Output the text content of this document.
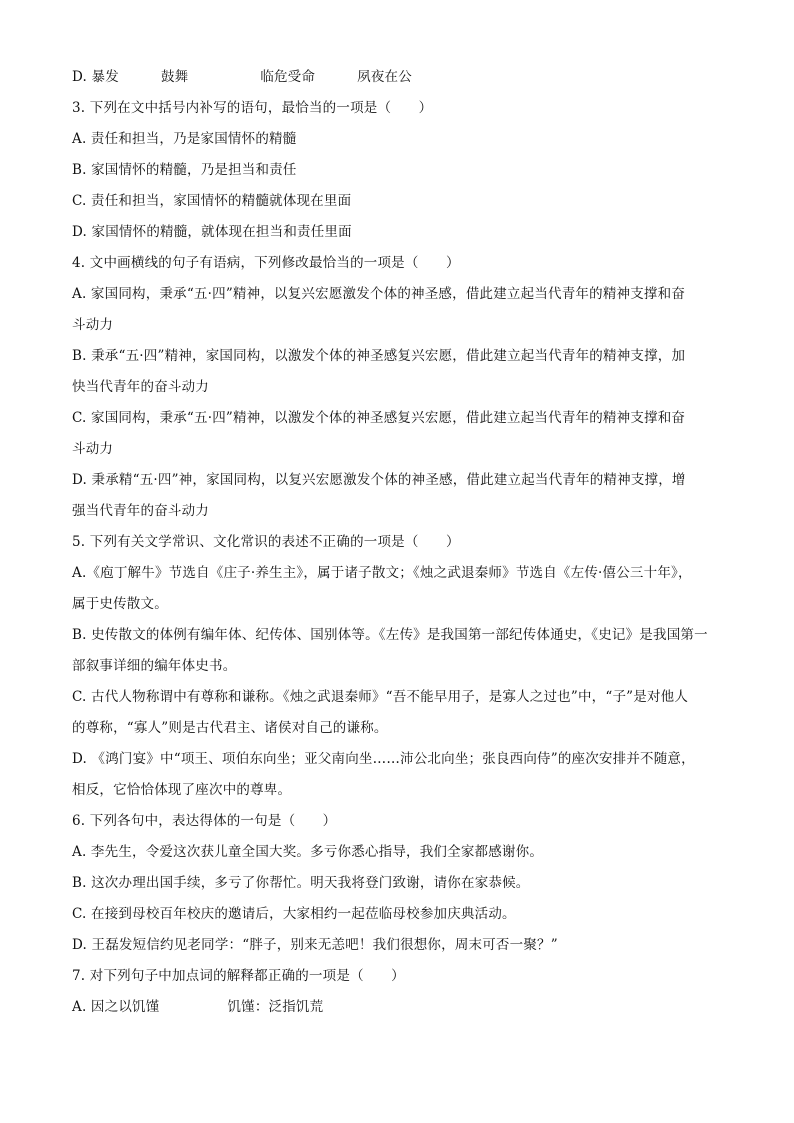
D. 暴发	鼓舞	临危受命	夙夜在公
3. 下列在文中括号内补写的语句，最恰当的一项是（　　）
A. 责任和担当，乃是家国情怀的精髓
B. 家国情怀的精髓，乃是担当和责任
C. 责任和担当，家国情怀的精髓就体现在里面
D. 家国情怀的精髓，就体现在担当和责任里面
4. 文中画横线的句子有语病，下列修改最恰当的一项是（　　）
A. 家国同构，秉承“五·四”精神，以复兴宏愿激发个体的神圣感，借此建立起当代青年的精神支撑和奋
斗动力
B. 秉承“五·四”精神，家国同构，以激发个体的神圣感复兴宏愿，借此建立起当代青年的精神支撑，加
快当代青年的奋斗动力
C. 家国同构，秉承“五·四”精神，以激发个体的神圣感复兴宏愿，借此建立起当代青年的精神支撑和奋
斗动力
D. 秉承精“五·四”神，家国同构，以复兴宏愿激发个体的神圣感，借此建立起当代青年的精神支撑，增
强当代青年的奋斗动力
5. 下列有关文学常识、文化常识的表述不正确的一项是（　　）
A.《庖丁解牛》节选自《庄子·养生主》，属于诸子散文；《烛之武退秦师》节选自《左传·僖公三十年》，
属于史传散文。
B. 史传散文的体例有编年体、纪传体、国别体等。《左传》是我国第一部纪传体通史，《史记》是我国第一
部叙事详细的编年体史书。
C. 古代人物称谓中有尊称和谦称。《烛之武退秦师》“吾不能早用子，是寡人之过也”中，“子”是对他人
的尊称，“寡人”则是古代君主、诸侯对自己的谦称。
D. 《鸿门宴》中“项王、项伯东向坐；亚父南向坐……沛公北向坐；张良西向侍”的座次安排并不随意，
相反，它恰恰体现了座次中的尊卑。
6. 下列各句中，表达得体的一句是（　　）
A. 李先生，令爱这次获儿童全国大奖。多亏你悉心指导，我们全家都感谢你。
B. 这次办理出国手续，多亏了你帮忙。明天我将登门致谢，请你在家恭候。
C. 在接到母校百年校庆的邀请后，大家相约一起莅临母校参加庆典活动。
D. 王磊发短信约见老同学：“胖子，别来无恙吧！我们很想你，周末可否一聚？”
7. 对下列句子中加点词的解释都正确的一项是（　　）
A. 因之以饥馑	饥馑：泛指饥荒
